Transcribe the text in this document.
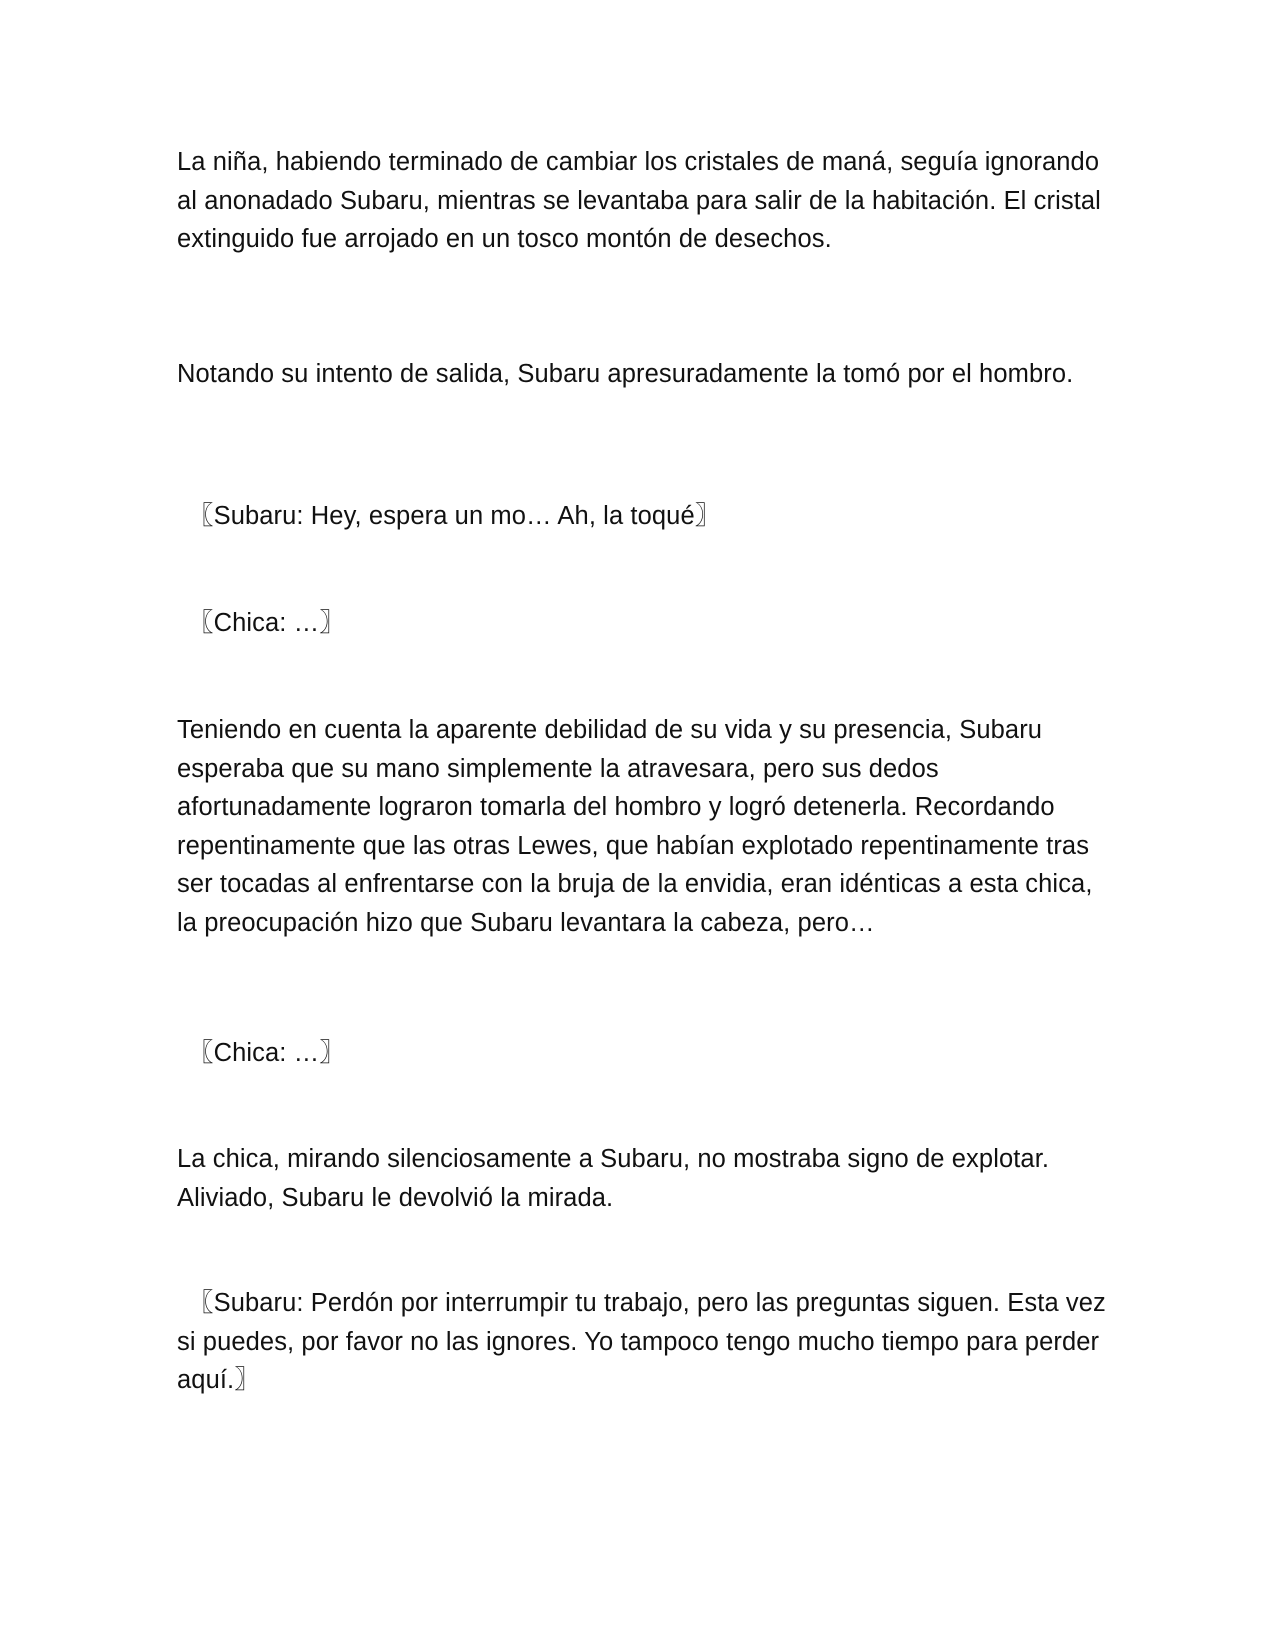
La niña, habiendo terminado de cambiar los cristales de maná, seguía ignorando al anonadado Subaru, mientras se levantaba para salir de la habitación. El cristal extinguido fue arrojado en un tosco montón de desechos.

Notando su intento de salida, Subaru apresuradamente la tomó por el hombro.

〖Subaru: Hey, espera un mo… Ah, la toqué〗

〖Chica: …〗

Teniendo en cuenta la aparente debilidad de su vida y su presencia, Subaru esperaba que su mano simplemente la atravesara, pero sus dedos afortunadamente lograron tomarla del hombro y logró detenerla. Recordando repentinamente que las otras Lewes, que habían explotado repentinamente tras ser tocadas al enfrentarse con la bruja de la envidia, eran idénticas a esta chica, la preocupación hizo que Subaru levantara la cabeza, pero…

〖Chica: …〗

La chica, mirando silenciosamente a Subaru, no mostraba signo de explotar. Aliviado, Subaru le devolvió la mirada.

〖Subaru: Perdón por interrumpir tu trabajo, pero las preguntas siguen. Esta vez si puedes, por favor no las ignores. Yo tampoco tengo mucho tiempo para perder aquí.〗
